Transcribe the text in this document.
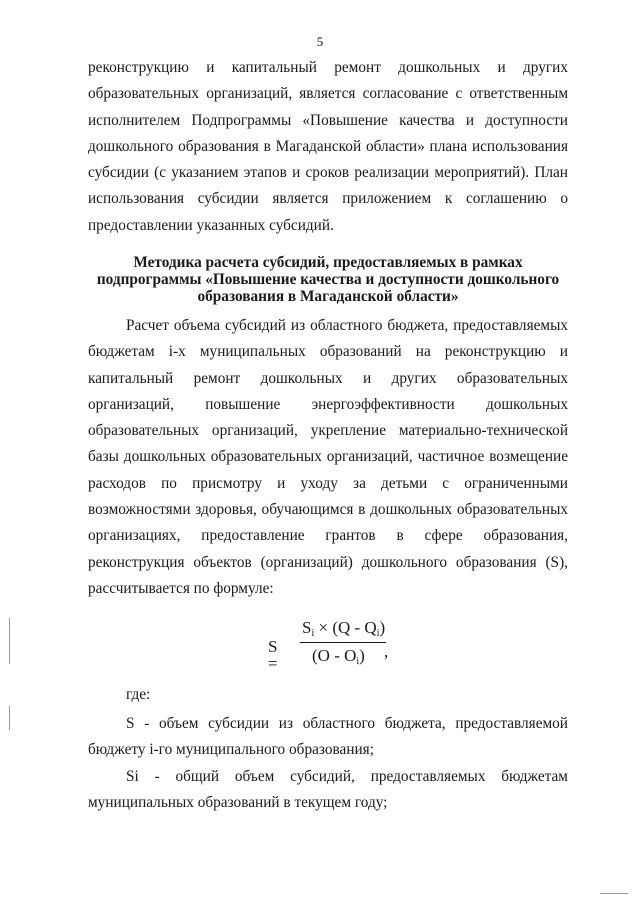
5

реконструкцию и капитальный ремонт дошкольных и других образовательных организаций, является согласование с ответственным исполнителем Подпрограммы «Повышение качества и доступности дошкольного образования в Магаданской области» плана использования субсидии (с указанием этапов и сроков реализации мероприятий). План использования субсидии является приложением к соглашению о предоставлении указанных субсидий.

Методика расчета субсидий, предоставляемых в рамках
подпрограммы «Повышение качества и доступности дошкольного
образования в Магаданской области»

Расчет объема субсидий из областного бюджета, предоставляемых бюджетам i-х муниципальных образований на реконструкцию и капитальный ремонт дошкольных и других образовательных организаций, повышение энергоэффективности дошкольных образовательных организаций, укрепление материально-технической базы дошкольных образовательных организаций, частичное возмещение расходов по присмотру и уходу за детьми с ограниченными возможностями здоровья, обучающимся в дошкольных образовательных организациях, предоставление грантов в сфере образования, реконструкция объектов (организаций) дошкольного образования (S), рассчитывается по формуле:

S =
$S_i \times (Q - Q_i)$
$(O - O_i)$ ,
где:

S - объем субсидии из областного бюджета, предоставляемой бюджету i-го муниципального образования;

Si - общий объем субсидий, предоставляемых бюджетам муниципальных образований в текущем году;
